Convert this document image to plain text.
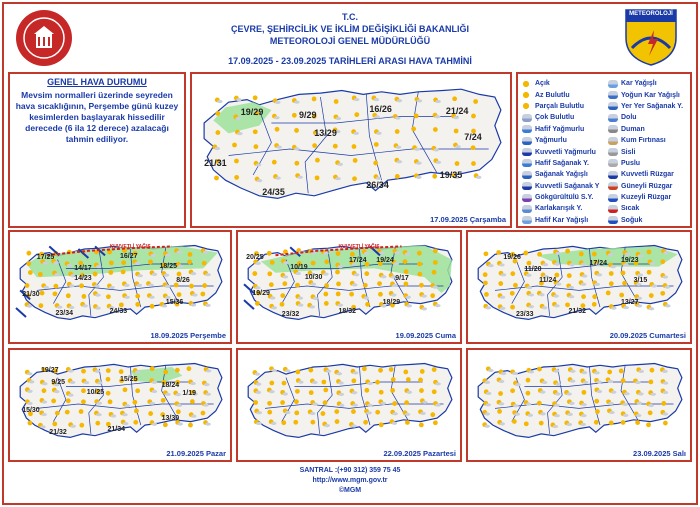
METEOROLOJİ
T.C.
ÇEVRE, ŞEHİRCİLİK VE İKLİM DEĞİŞİKLİĞİ BAKANLIĞI
METEOROLOJİ GENEL MÜDÜRLÜĞÜ
17.09.2025 - 23.09.2025 TARİHLERİ ARASI HAVA TAHMİNİ
GENEL HAVA DURUMU
Mevsim normalleri üzerinde seyreden hava sıcaklığının, Perşembe günü kuzey kesimlerden başlayarak hissedilir derecede (6 ila 12 derece) azalacağı tahmin ediliyor.
Açık
Az Bulutlu
Parçalı Bulutlu
Çok Bulutlu
Hafif Yağmurlu
Yağmurlu
Kuvvetli Yağmurlu
Hafif Sağanak Y.
Sağanak Yağışlı
Kuvvetli Sağanak Y
Gökgürültülü S.Y.
Karlakarışık Y.
Hafif Kar Yağışlı
Kar Yağışlı
Yoğun Kar Yağışlı
Yer Yer Sağanak Y.
Dolu
Duman
Kum Fırtınası
Sisli
Puslu
Kuvvetli Rüzgar
Güneyli Rüzgar
Kuzeyli Rüzgar
Sıcak
Soğuk
19/29	9/29
16/26	21/24
13/29	7/24
21/31
19/35
24/35
26/34
17.09.2025 Çarşamba
KUVVETLİ YAĞIŞ
17/25	16/27
14/17	18/25
14/23	8/26
21/30
15/36
23/34	24/33
18.09.2025 Perşembe
KUVVETLİ YAĞIŞ
20/25	17/24 19/24
10/19
10/30	9/17
19/29
18/29
23/32	18/32
19.09.2025 Cuma
19/26
17/24 19/23
11/20
11/24	3/15
13/27
23/33	21/32
20.09.2025 Cumartesi
19/27
9/25	15/25
18/24
10/25	1/19
15/30
13/30
21/32	21/34
21.09.2025 Pazar	22.09.2025 Pazartesi	23.09.2025 Salı
SANTRAL :(+90 312) 359 75 45
http://www.mgm.gov.tr
©MGM
